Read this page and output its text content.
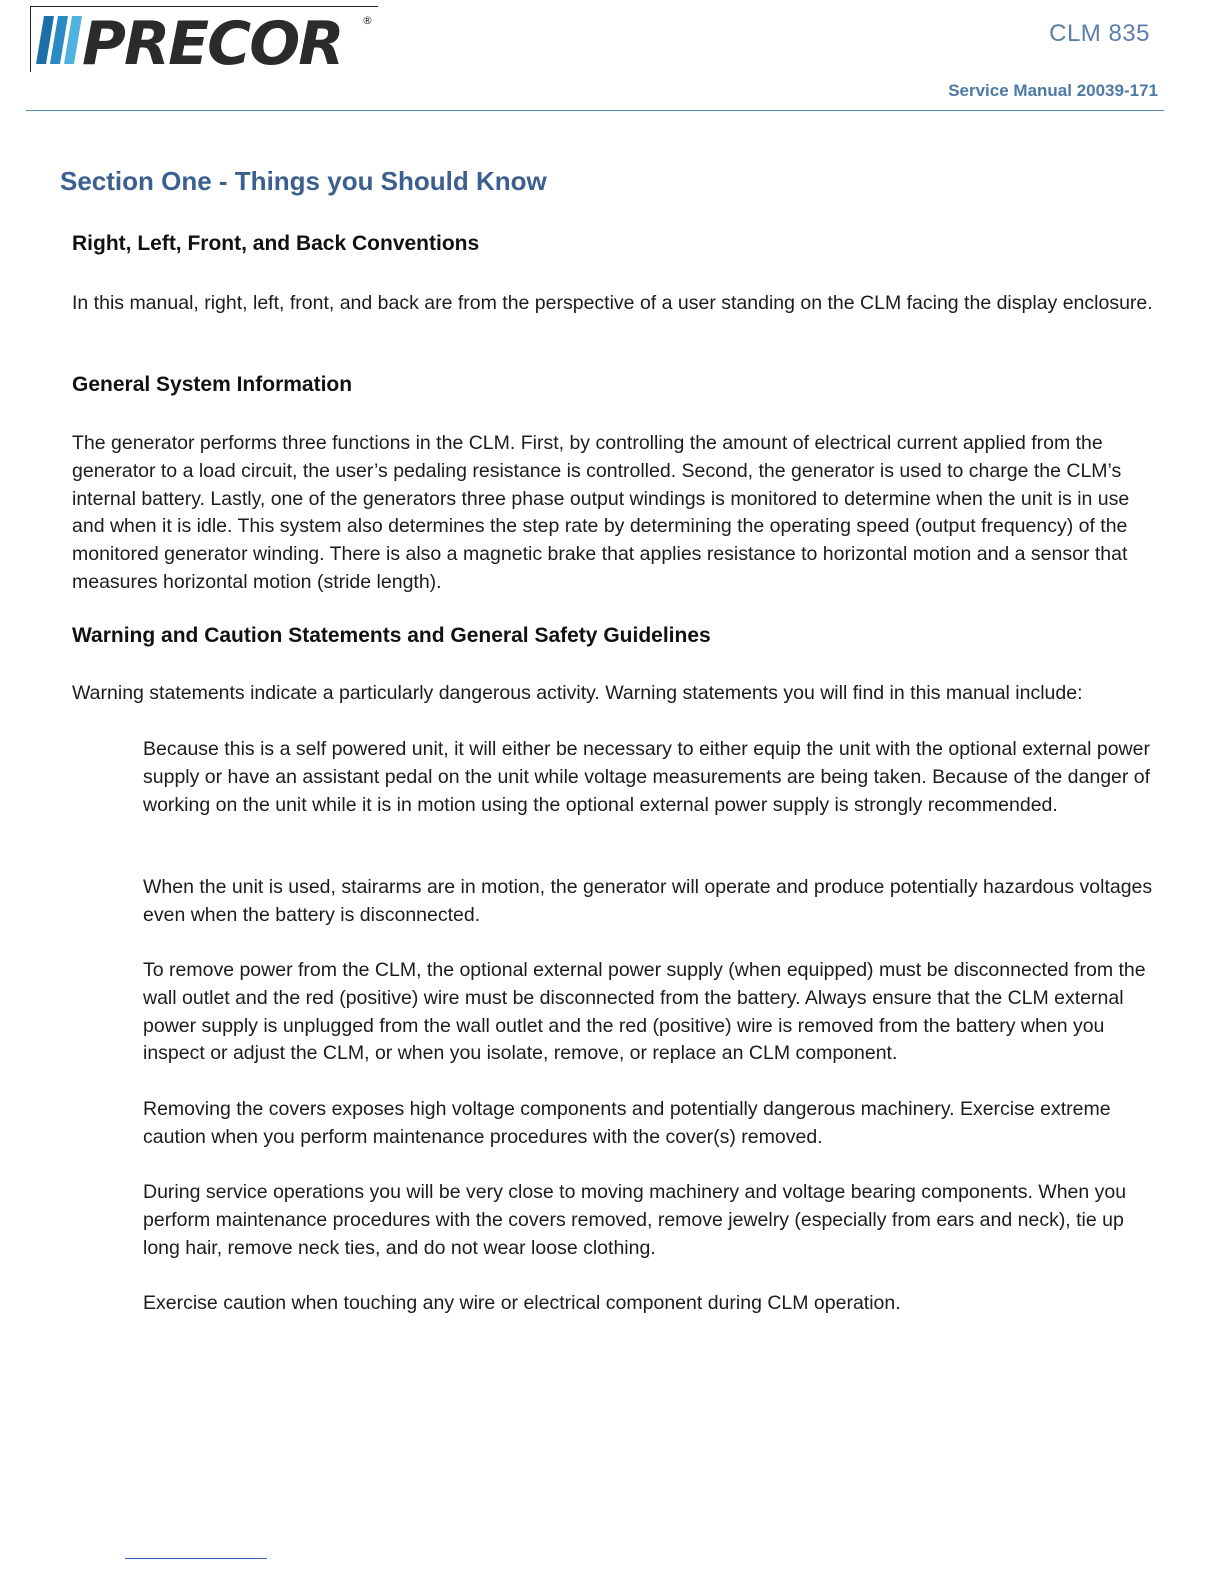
PRECOR ®	CLM 835
Service Manual 20039-171
Section One - Things you Should Know
Right, Left, Front, and Back Conventions

In this manual, right, left, front, and back are from the perspective of a user standing on the CLM facing the display enclosure.

General System Information

The generator performs three functions in the CLM. First, by controlling the amount of electrical current applied from the generator to a load circuit, the user’s pedaling resistance is controlled. Second, the generator is used to charge the CLM’s internal battery. Lastly, one of the generators three phase output windings is monitored to determine when the unit is in use and when it is idle. This system also determines the step rate by determining the operating speed (output frequency) of the monitored generator winding. There is also a magnetic brake that applies resistance to horizontal motion and a sensor that measures horizontal motion (stride length).

Warning and Caution Statements and General Safety Guidelines

Warning statements indicate a particularly dangerous activity. Warning statements you will find in this manual include:

Because this is a self powered unit, it will either be necessary to either equip the unit with the optional external power supply or have an assistant pedal on the unit while voltage measurements are being taken. Because of the danger of working on the unit while it is in motion using the optional external power supply is strongly recommended.

When the unit is used, stairarms are in motion, the generator will operate and produce potentially hazardous voltages even when the battery is disconnected.

To remove power from the CLM, the optional external power supply (when equipped) must be disconnected from the wall outlet and the red (positive) wire must be disconnected from the battery. Always ensure that the CLM external power supply is unplugged from the wall outlet and the red (positive) wire is removed from the battery when you inspect or adjust the CLM, or when you isolate, remove, or replace an CLM component.

Removing the covers exposes high voltage components and potentially dangerous machinery. Exercise extreme caution when you perform maintenance procedures with the cover(s) removed.

During service operations you will be very close to moving machinery and voltage bearing components. When you perform maintenance procedures with the covers removed, remove jewelry (especially from ears and neck), tie up long hair, remove neck ties, and do not wear loose clothing.

Exercise caution when touching any wire or electrical component during CLM operation.
